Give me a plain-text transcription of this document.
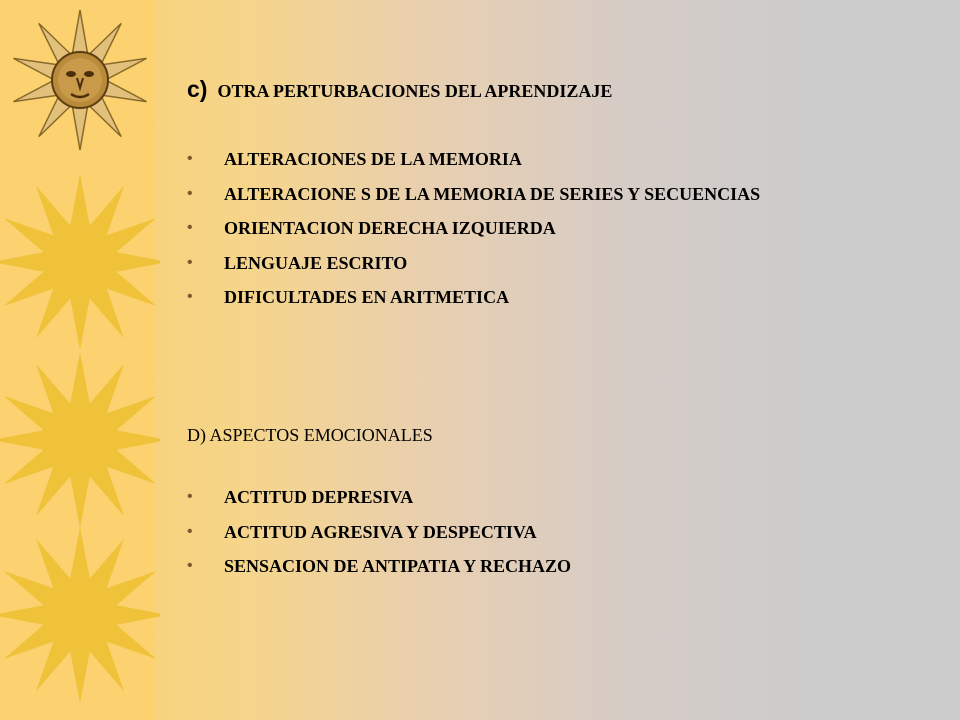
c) OTRA PERTURBACIONES DEL APRENDIZAJE
• ALTERACIONES DE LA MEMORIA
• ALTERACIONE S DE LA MEMORIA DE SERIES Y SECUENCIAS
• ORIENTACION DERECHA IZQUIERDA
• LENGUAJE ESCRITO
• DIFICULTADES EN ARITMETICA
D) ASPECTOS EMOCIONALES
• ACTITUD DEPRESIVA
• ACTITUD AGRESIVA Y DESPECTIVA
• SENSACION DE ANTIPATIA Y RECHAZO
